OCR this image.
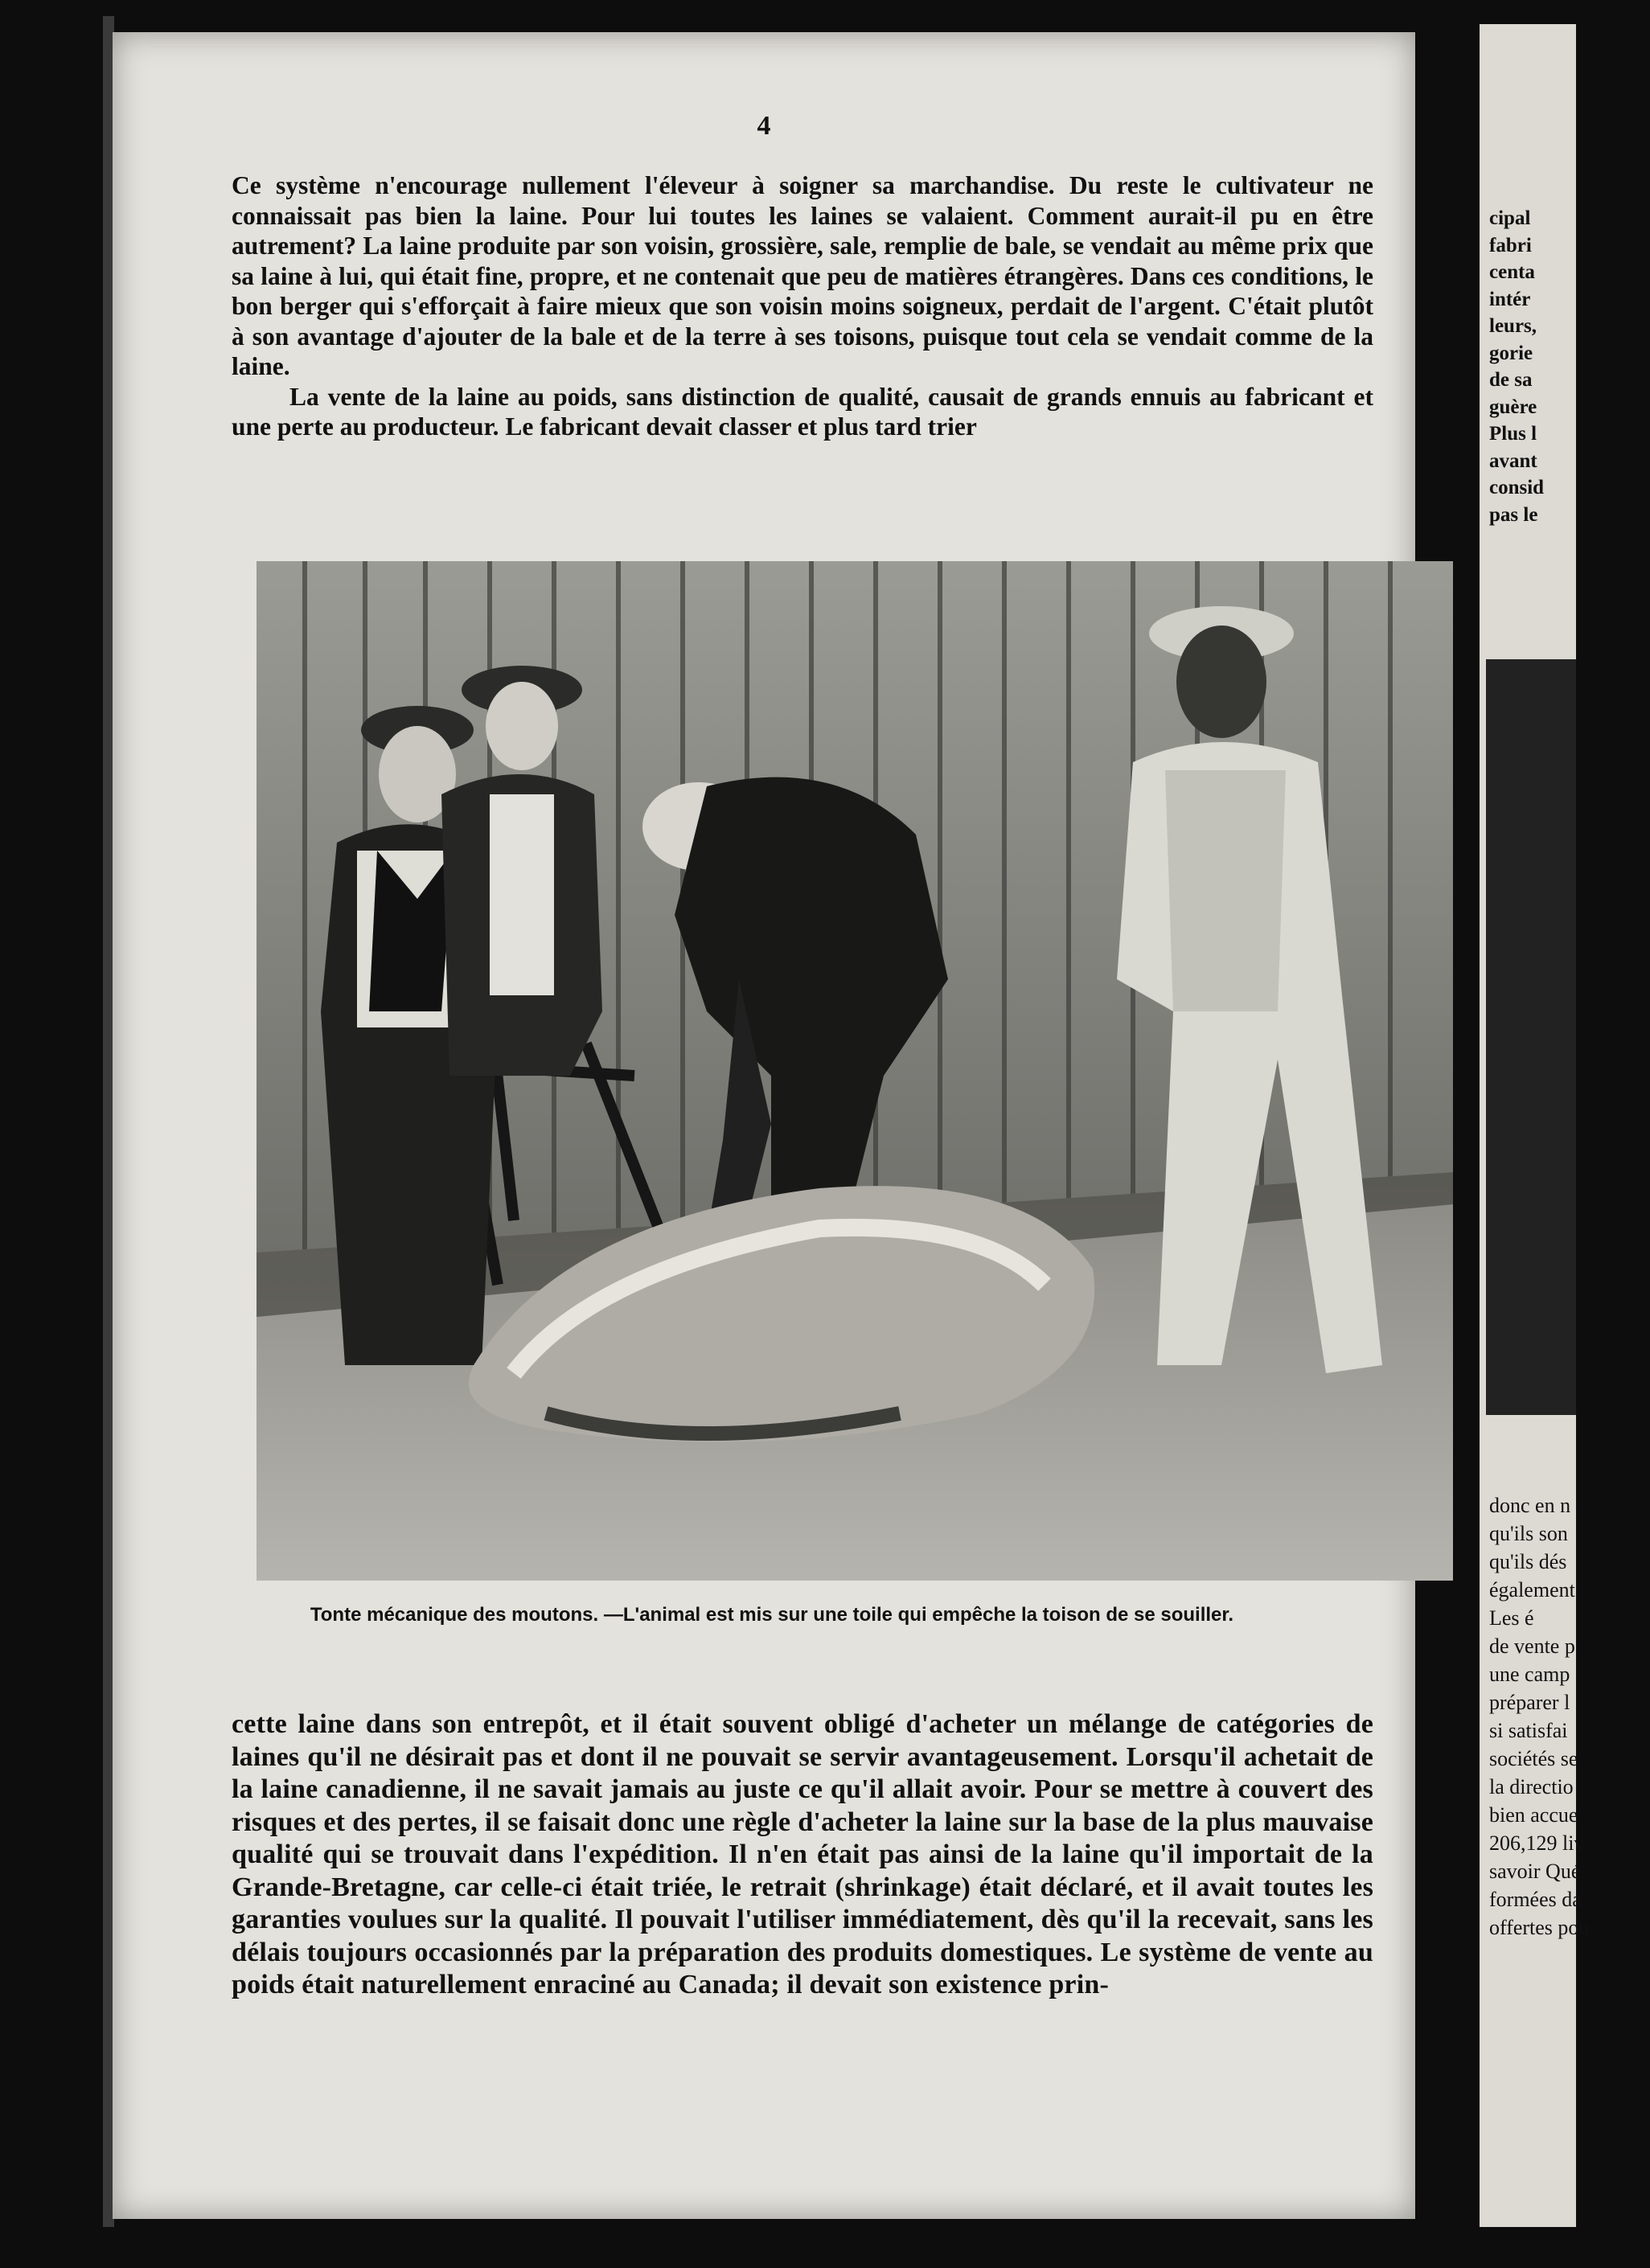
4

Ce système n'encourage nullement l'éleveur à soigner sa marchandise. Du reste le cultivateur ne connaissait pas bien la laine. Pour lui toutes les laines se valaient. Comment aurait-il pu en être autrement? La laine produite par son voisin, grossière, sale, remplie de bale, se vendait au même prix que sa laine à lui, qui était fine, propre, et ne contenait que peu de matières étrangères. Dans ces conditions, le bon berger qui s'efforçait à faire mieux que son voisin moins soigneux, perdait de l'argent. C'était plutôt à son avantage d'ajouter de la bale et de la terre à ses toisons, puisque tout cela se vendait comme de la laine.

La vente de la laine au poids, sans distinction de qualité, causait de grands ennuis au fabricant et une perte au producteur. Le fabricant devait classer et plus tard trier

Tonte mécanique des moutons. —L'animal est mis sur une toile qui empêche la toison de se souiller.

cette laine dans son entrepôt, et il était souvent obligé d'acheter un mélange de catégories de laines qu'il ne désirait pas et dont il ne pouvait se servir avantageusement. Lorsqu'il achetait de la laine canadienne, il ne savait jamais au juste ce qu'il allait avoir. Pour se mettre à couvert des risques et des pertes, il se faisait donc une règle d'acheter la laine sur la base de la plus mauvaise qualité qui se trouvait dans l'expédition. Il n'en était pas ainsi de la laine qu'il importait de la Grande-Bretagne, car celle-ci était triée, le retrait (shrinkage) était déclaré, et il avait toutes les garanties voulues sur la qualité. Il pouvait l'utiliser immédiatement, dès qu'il la recevait, sans les délais toujours occasionnés par la préparation des produits domestiques. Le système de vente au poids était naturellement enraciné au Canada; il devait son existence prin-

cipal
fabri
centa
intér
leurs,
gorie
de sa
guère
Plus l
avant
consid
pas le
donc en n
qu'ils son
qu'ils dés
également
Les é
de vente p
une camp
préparer l
si satisfai
sociétés se
la directio
bien accue
206,129 liv
savoir Qué
formées da
offertes pou
